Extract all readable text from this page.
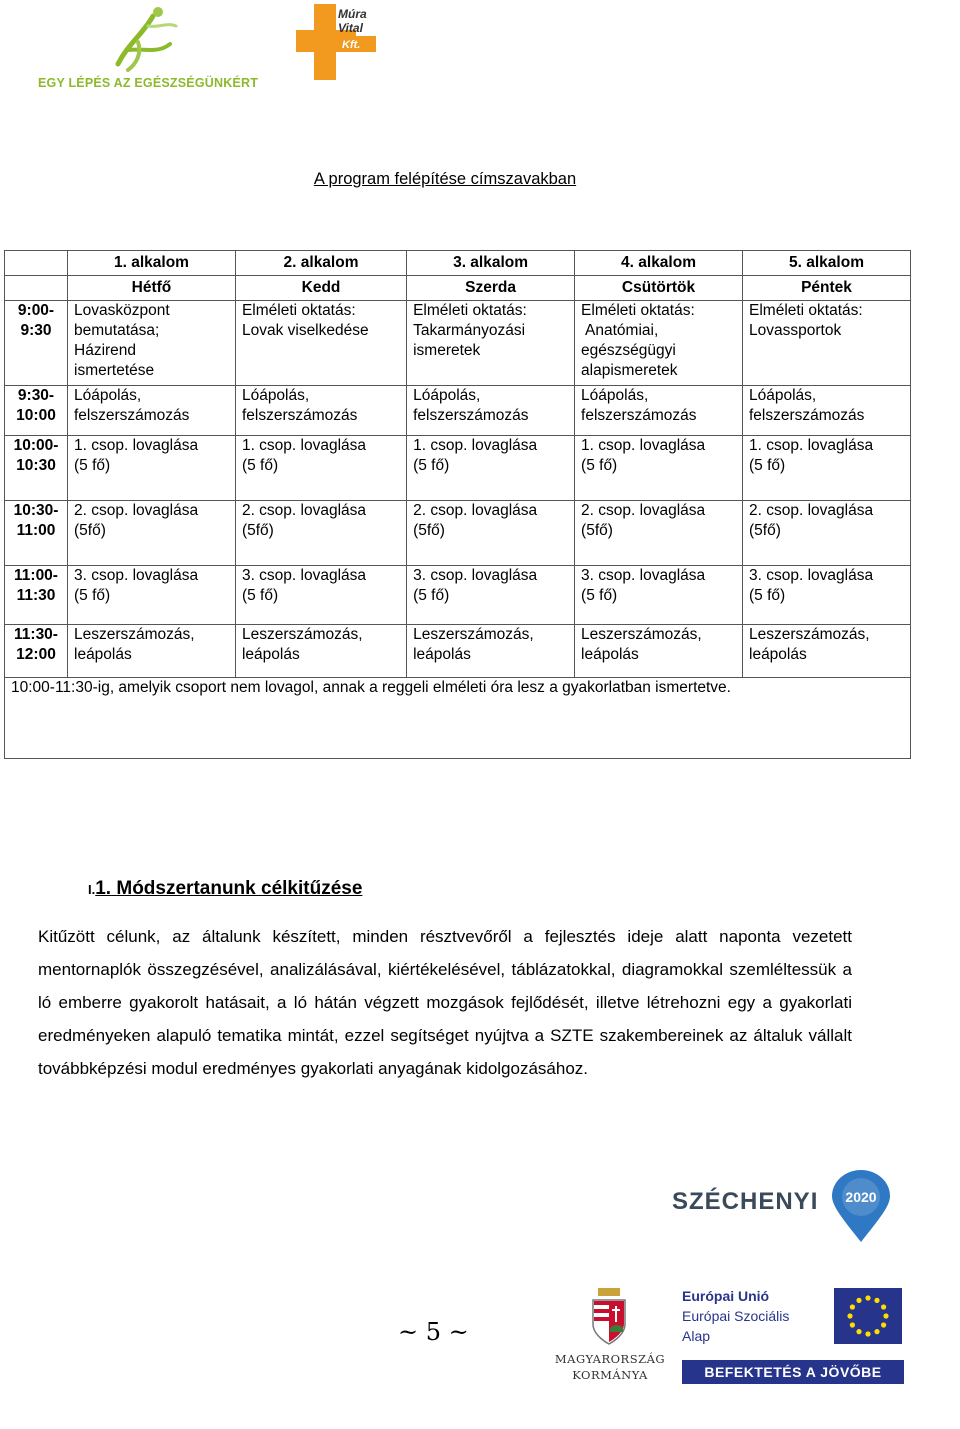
EGY LÉPÉS AZ EGÉSZSÉGÜNKÉRT
Múra
Vital
Kft.
A program felépítése címszavakban
	1. alkalom	2. alkalom	3. alkalom	4. alkalom	5. alkalom
	Hétfő	Kedd	Szerda	Csütörtök	Péntek

9:00-
9:30	Lovasközpont
bemutatása;
Házirend
ismertetése	Elméleti oktatás:
Lovak viselkedése	Elméleti oktatás:
Takarmányozási
ismeretek	Elméleti oktatás:
Anatómiai,
egészségügyi
alapismeretek	Elméleti oktatás:
Lovassportok

9:30-
10:00	Lóápolás,
felszerszámozás	Lóápolás,
felszerszámozás	Lóápolás,
felszerszámozás	Lóápolás,
felszerszámozás	Lóápolás,
felszerszámozás

10:00-
10:30	1. csop. lovaglása
(5 fő)	1. csop. lovaglása
(5 fő)	1. csop. lovaglása
(5 fő)	1. csop. lovaglása
(5 fő)	1. csop. lovaglása
(5 fő)

10:30-
11:00	2. csop. lovaglása
(5fő)	2. csop. lovaglása
(5fő)	2. csop. lovaglása
(5fő)	2. csop. lovaglása
(5fő)	2. csop. lovaglása
(5fő)

11:00-
11:30	3. csop. lovaglása
(5 fő)	3. csop. lovaglása
(5 fő)	3. csop. lovaglása
(5 fő)	3. csop. lovaglása
(5 fő)	3. csop. lovaglása
(5 fő)

11:30-
12:00	Leszerszámozás,
leápolás	Leszerszámozás,
leápolás	Leszerszámozás,
leápolás	Leszerszámozás,
leápolás	Leszerszámozás,
leápolás

10:00-11:30-ig, amelyik csoport nem lovagol, annak a reggeli elméleti óra lesz a gyakorlatban ismertetve.					
I.1. Módszertanunk célkitűzése
Kitűzött célunk, az általunk készített, minden résztvevőről a fejlesztés ideje alatt naponta vezetett mentornaplók összegzésével, analizálásával, kiértékelésével, táblázatokkal, diagramokkal szemléltessük a ló emberre gyakorolt hatásait, a ló hátán végzett mozgások fejlődését, illetve létrehozni egy a gyakorlati eredményeken alapuló tematika mintát, ezzel segítséget nyújtva a SZTE szakembereinek az általuk vállalt továbbképzési modul eredményes gyakorlati anyagának kidolgozásához.
SZÉCHENYI 2020
~ 5 ~
MAGYARORSZÁG
KORMÁNYA
Európai Unió
Európai Szociális
Alap
BEFEKTETÉS A JÖVŐBE
